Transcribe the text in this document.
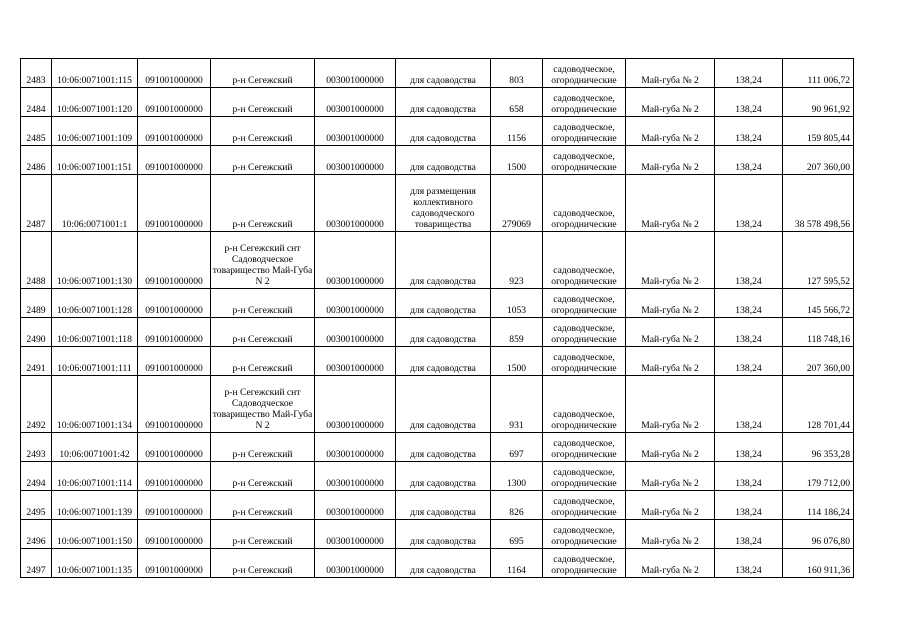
2483	10:06:0071001:115	091001000000	р-н Сегежский	003001000000	для садоводства	803	садоводческое, огороднические	Май-губа № 2	138,24	111 006,72
2484	10:06:0071001:120	091001000000	р-н Сегежский	003001000000	для садоводства	658	садоводческое, огороднические	Май-губа № 2	138,24	90 961,92
2485	10:06:0071001:109	091001000000	р-н Сегежский	003001000000	для садоводства	1156	садоводческое, огороднические	Май-губа № 2	138,24	159 805,44
2486	10:06:0071001:151	091001000000	р-н Сегежский	003001000000	для садоводства	1500	садоводческое, огороднические	Май-губа № 2	138,24	207 360,00
2487	10:06:0071001:1	091001000000	р-н Сегежский	003001000000	для размещения коллективного садоводческого товарищества	279069	садоводческое, огороднические	Май-губа № 2	138,24	38 578 498,56
2488	10:06:0071001:130	091001000000	р-н Сегежский снт Садоводческое товарищество Май-Губа N 2	003001000000	для садоводства	923	садоводческое, огороднические	Май-губа № 2	138,24	127 595,52
2489	10:06:0071001:128	091001000000	р-н Сегежский	003001000000	для садоводства	1053	садоводческое, огороднические	Май-губа № 2	138,24	145 566,72
2490	10:06:0071001:118	091001000000	р-н Сегежский	003001000000	для садоводства	859	садоводческое, огороднические	Май-губа № 2	138,24	118 748,16
2491	10:06:0071001:111	091001000000	р-н Сегежский	003001000000	для садоводства	1500	садоводческое, огороднические	Май-губа № 2	138,24	207 360,00
2492	10:06:0071001:134	091001000000	р-н Сегежский снт Садоводческое товарищество Май-Губа N 2	003001000000	для садоводства	931	садоводческое, огороднические	Май-губа № 2	138,24	128 701,44
2493	10:06:0071001:42	091001000000	р-н Сегежский	003001000000	для садоводства	697	садоводческое, огороднические	Май-губа № 2	138,24	96 353,28
2494	10:06:0071001:114	091001000000	р-н Сегежский	003001000000	для садоводства	1300	садоводческое, огороднические	Май-губа № 2	138,24	179 712,00
2495	10:06:0071001:139	091001000000	р-н Сегежский	003001000000	для садоводства	826	садоводческое, огороднические	Май-губа № 2	138,24	114 186,24
2496	10:06:0071001:150	091001000000	р-н Сегежский	003001000000	для садоводства	695	садоводческое, огороднические	Май-губа № 2	138,24	96 076,80
2497	10:06:0071001:135	091001000000	р-н Сегежский	003001000000	для садоводства	1164	садоводческое, огороднические	Май-губа № 2	138,24	160 911,36
